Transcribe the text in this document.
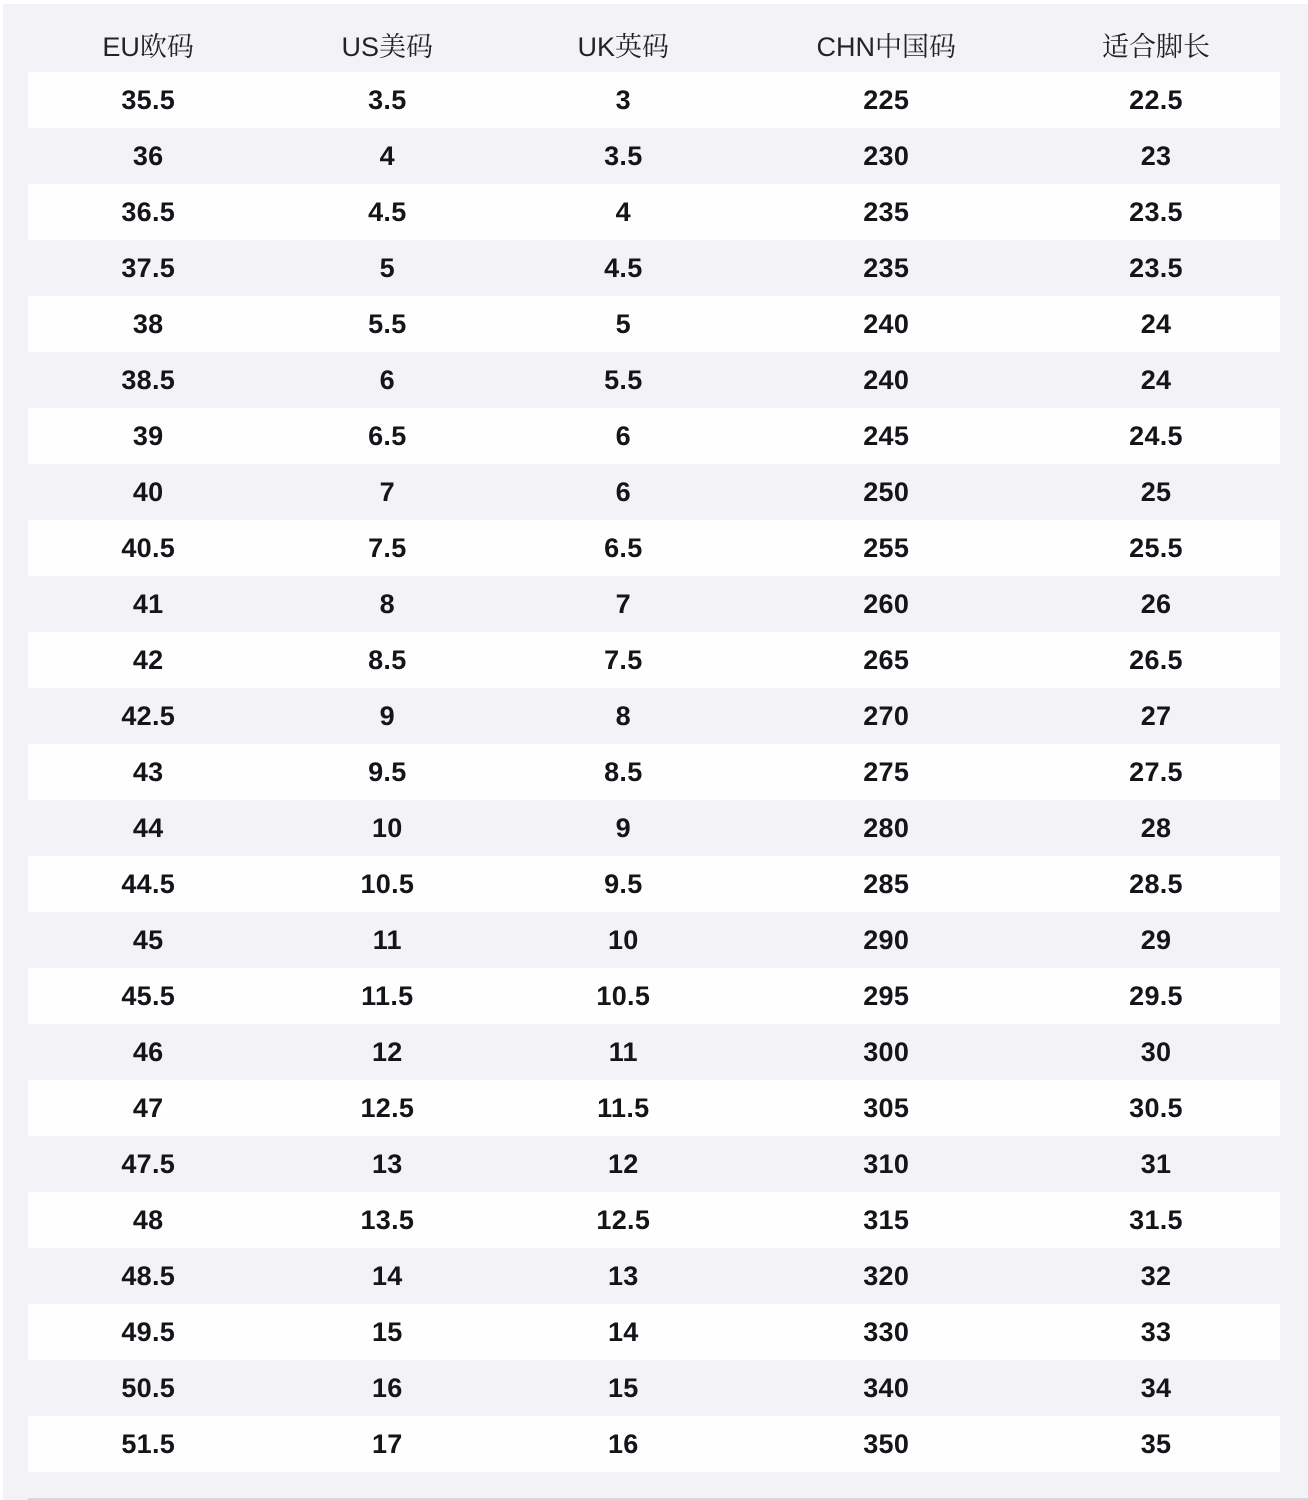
EU欧码	US美码	UK英码	CHN中国码	适合脚长
35.5	3.5	3	225	22.5
36	4	3.5	230	23
36.5	4.5	4	235	23.5
37.5	5	4.5	235	23.5
38	5.5	5	240	24
38.5	6	5.5	240	24
39	6.5	6	245	24.5
40	7	6	250	25
40.5	7.5	6.5	255	25.5
41	8	7	260	26
42	8.5	7.5	265	26.5
42.5	9	8	270	27
43	9.5	8.5	275	27.5
44	10	9	280	28
44.5	10.5	9.5	285	28.5
45	11	10	290	29
45.5	11.5	10.5	295	29.5
46	12	11	300	30
47	12.5	11.5	305	30.5
47.5	13	12	310	31
48	13.5	12.5	315	31.5
48.5	14	13	320	32
49.5	15	14	330	33
50.5	16	15	340	34
51.5	17	16	350	35
